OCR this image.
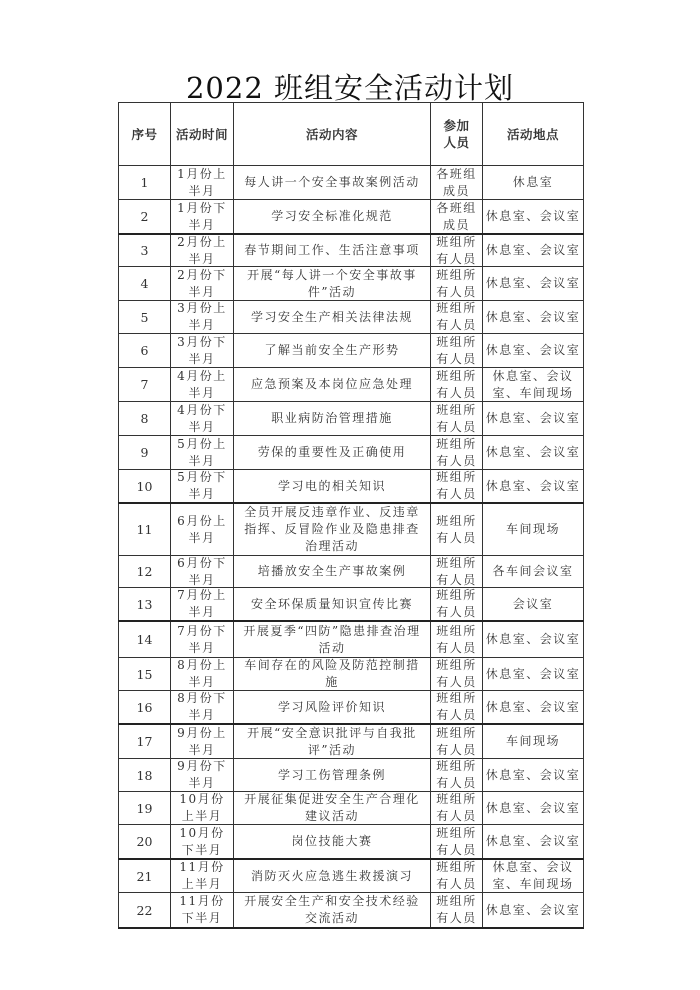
2022 班组安全活动计划
序号	活动时间	活动内容	参加人员	活动地点

1	1月份上半月	每人讲一个安全事故案例活动	各班组成员	休息室

2	1月份下半月	学习安全标准化规范	各班组成员	休息室、会议室

3	2月份上半月	春节期间工作、生活注意事项	班组所有人员	休息室、会议室

4	2月份下半月	开展“每人讲一个安全事故事件”活动	班组所有人员	休息室、会议室

5	3月份上半月	学习安全生产相关法律法规	班组所有人员	休息室、会议室

6	3月份下半月	了解当前安全生产形势	班组所有人员	休息室、会议室

7	4月份上半月	应急预案及本岗位应急处理	班组所有人员	休息室、会议室、车间现场

8	4月份下半月	职业病防治管理措施	班组所有人员	休息室、会议室

9	5月份上半月	劳保的重要性及正确使用	班组所有人员	休息室、会议室

10	5月份下半月	学习电的相关知识	班组所有人员	休息室、会议室

11	6月份上半月	全员开展反违章作业、反违章指挥、反冒险作业及隐患排查治理活动	班组所有人员	车间现场

12	6月份下半月	培播放安全生产事故案例	班组所有人员	各车间会议室

13	7月份上半月	安全环保质量知识宣传比赛	班组所有人员	会议室

14	7月份下半月	开展夏季“四防”隐患排查治理活动	班组所有人员	休息室、会议室

15	8月份上半月	车间存在的风险及防范控制措施	班组所有人员	休息室、会议室

16	8月份下半月	学习风险评价知识	班组所有人员	休息室、会议室

17	9月份上半月	开展“安全意识批评与自我批评”活动	班组所有人员	车间现场

18	9月份下半月	学习工伤管理条例	班组所有人员	休息室、会议室

19	10月份上半月	开展征集促进安全生产合理化建议活动	班组所有人员	休息室、会议室

20	10月份下半月	岗位技能大赛	班组所有人员	休息室、会议室

21	11月份上半月	消防灭火应急逃生救援演习	班组所有人员	休息室、会议室、车间现场

22	11月份下半月	开展安全生产和安全技术经验交流活动	班组所有人员	休息室、会议室
